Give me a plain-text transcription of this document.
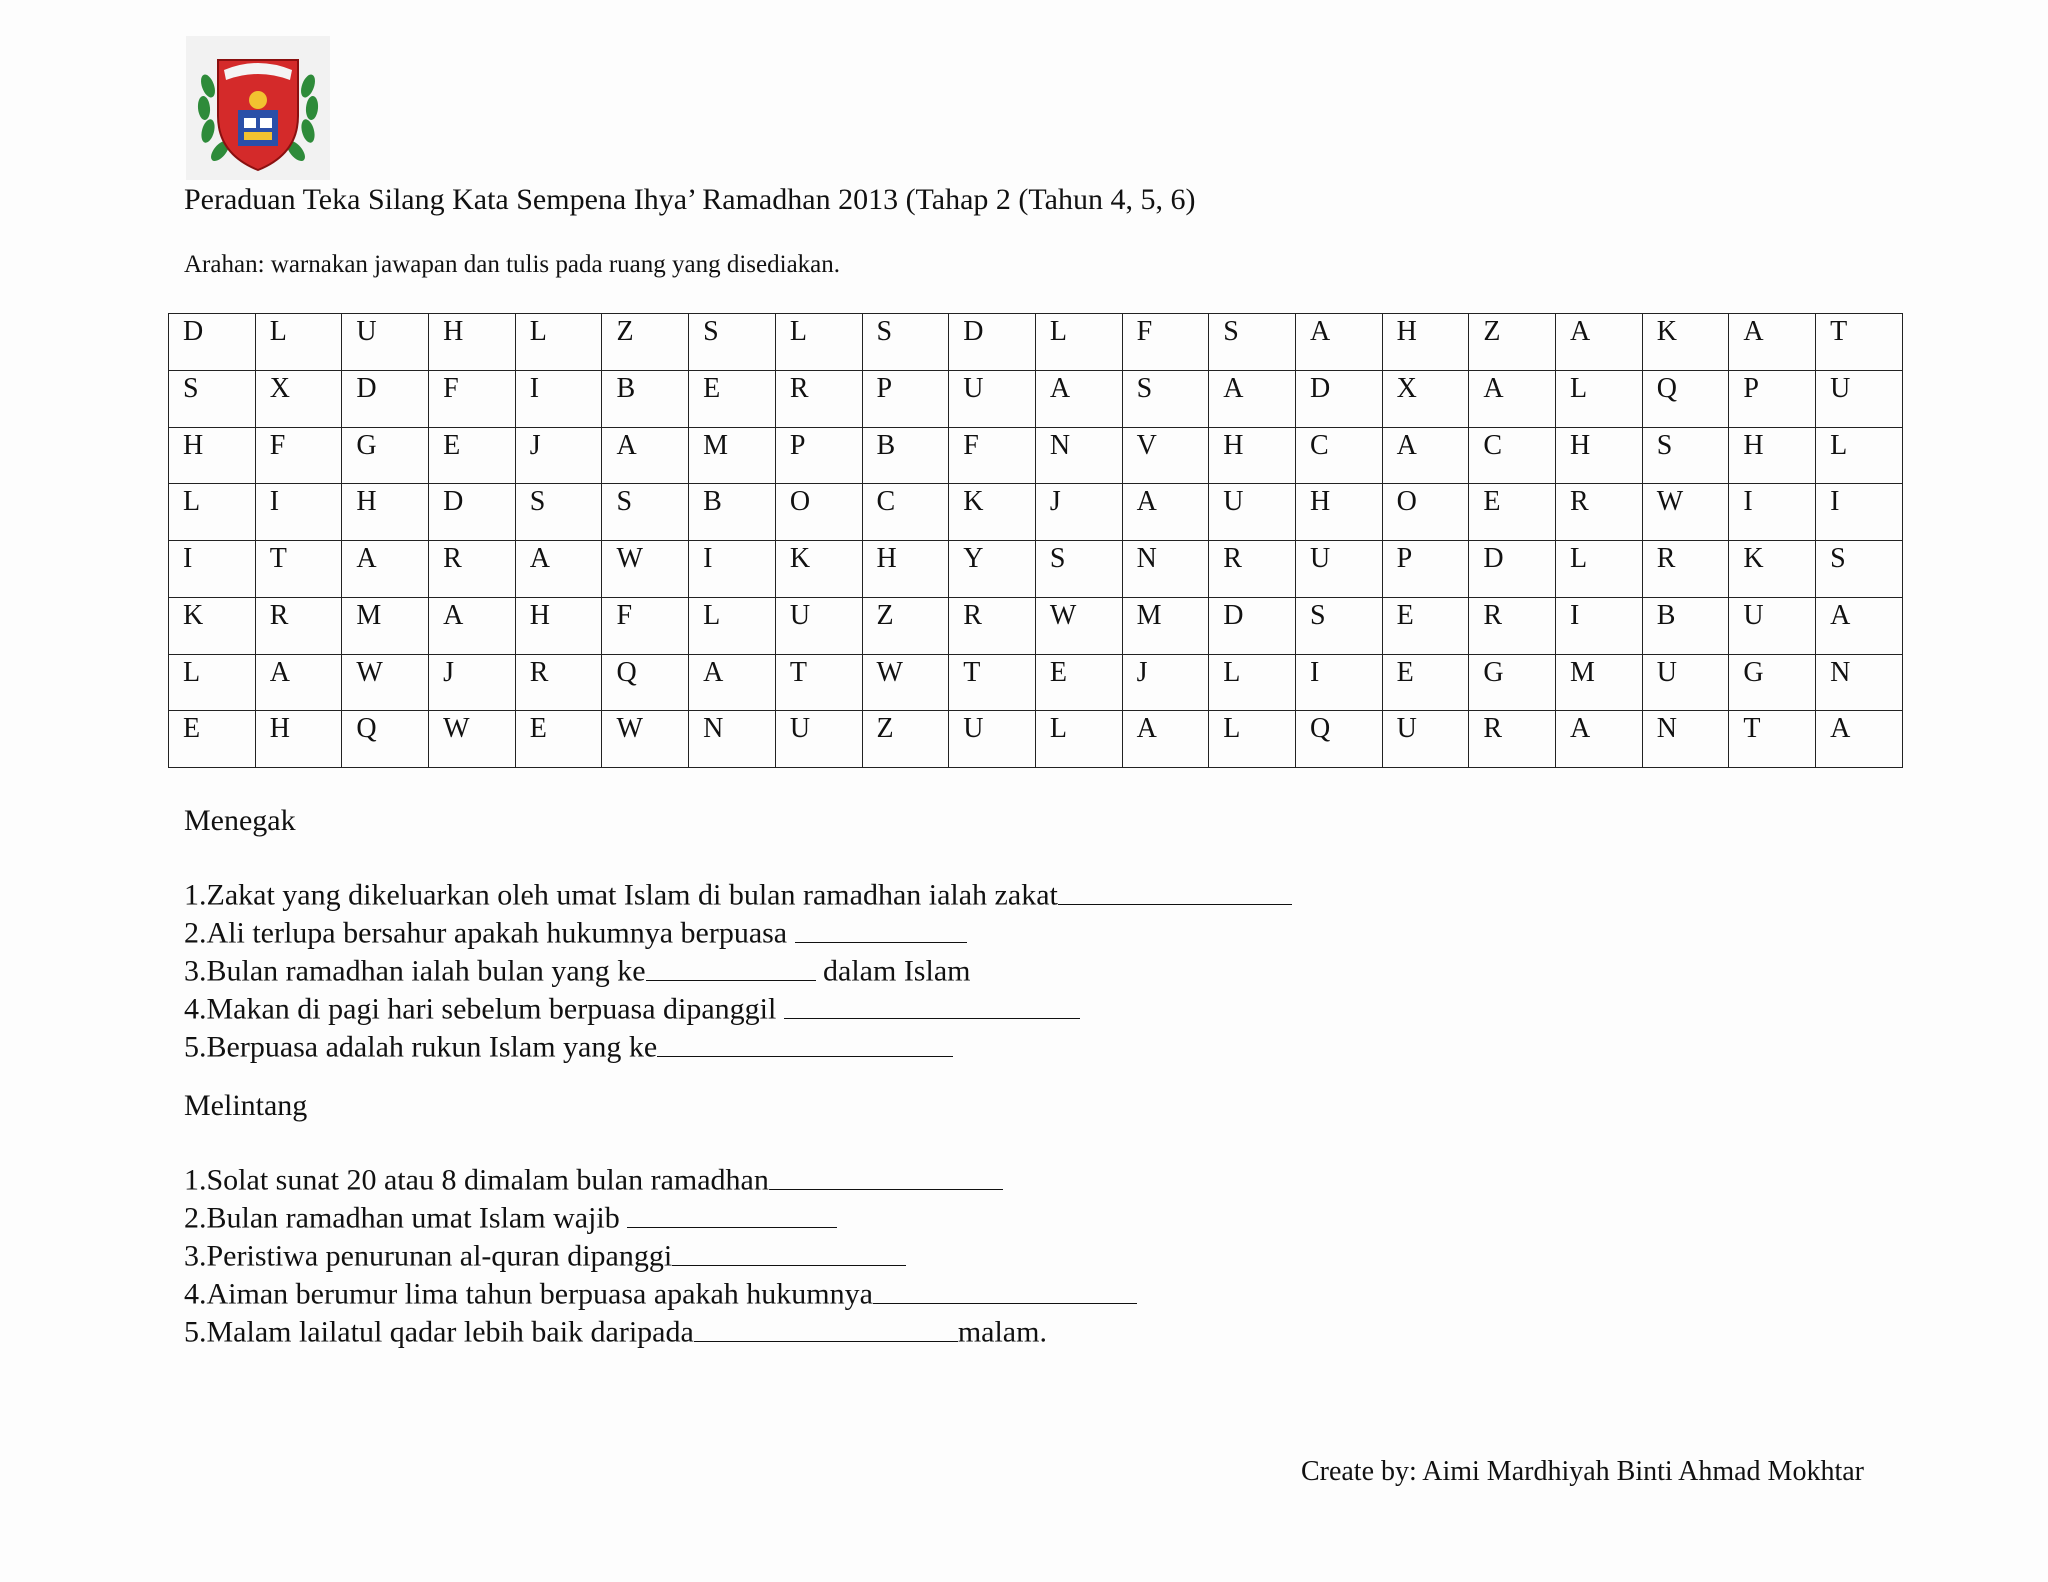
Peraduan Teka Silang Kata Sempena Ihya’ Ramadhan 2013 (Tahap 2 (Tahun 4, 5, 6)
Arahan: warnakan jawapan dan tulis pada ruang yang disediakan.
D	L	U	H	L	Z	S	L	S	D	L	F	S	A	H	Z	A	K	A	T
S	X	D	F	I	B	E	R	P	U	A	S	A	D	X	A	L	Q	P	U
H	F	G	E	J	A	M	P	B	F	N	V	H	C	A	C	H	S	H	L
L	I	H	D	S	S	B	O	C	K	J	A	U	H	O	E	R	W	I	I
I	T	A	R	A	W	I	K	H	Y	S	N	R	U	P	D	L	R	K	S
K	R	M	A	H	F	L	U	Z	R	W	M	D	S	E	R	I	B	U	A
L	A	W	J	R	Q	A	T	W	T	E	J	L	I	E	G	M	U	G	N
E	H	Q	W	E	W	N	U	Z	U	L	A	L	Q	U	R	A	N	T	A
Menegak
1.Zakat yang dikeluarkan oleh umat Islam di bulan ramadhan ialah zakat
2.Ali terlupa bersahur apakah hukumnya berpuasa
3.Bulan ramadhan ialah bulan yang ke	dalam Islam
4.Makan di pagi hari sebelum berpuasa dipanggil
5.Berpuasa adalah rukun Islam yang ke
Melintang
1.Solat sunat 20 atau 8 dimalam bulan ramadhan
2.Bulan ramadhan umat Islam wajib
3.Peristiwa penurunan al-quran dipanggi
4.Aiman berumur lima tahun berpuasa apakah hukumnya
5.Malam lailatul qadar lebih baik daripada	malam.
Create by: Aimi Mardhiyah Binti Ahmad Mokhtar
